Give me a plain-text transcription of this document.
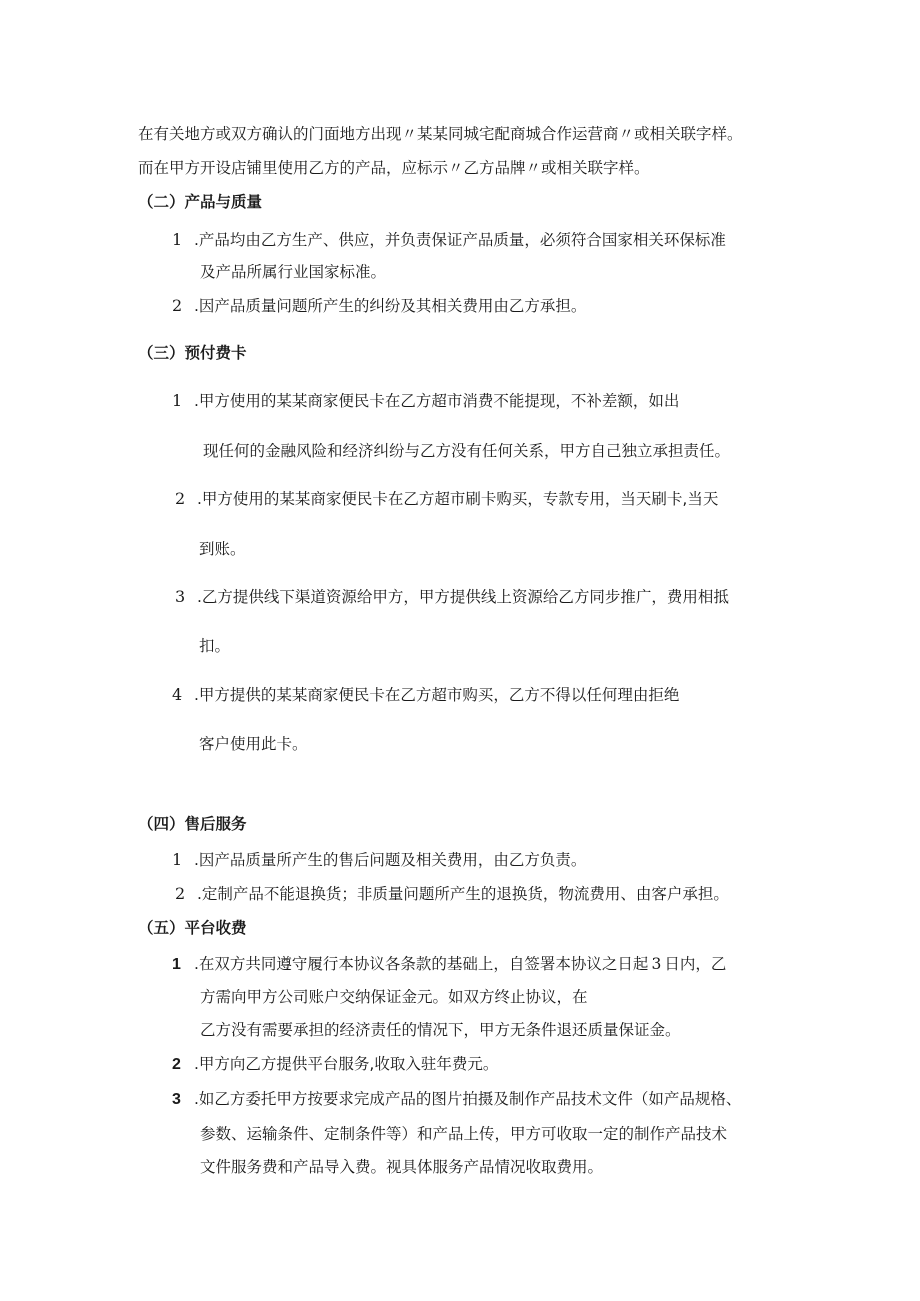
在有关地方或双方确认的门面地方出现〃某某同城宅配商城合作运营商〃或相关联字样。
而在甲方开设店铺里使用乙方的产品，应标示〃乙方品牌〃或相关联字样。
（二）产品与质量
1 .产品均由乙方生产、供应，并负责保证产品质量，必须符合国家相关环保标准
及产品所属行业国家标准。
2 .因产品质量问题所产生的纠纷及其相关费用由乙方承担。
（三）预付费卡
1 .甲方使用的某某商家便民卡在乙方超市消费不能提现，不补差额，如出
现任何的金融风险和经济纠纷与乙方没有任何关系，甲方自己独立承担责任。
2 .甲方使用的某某商家便民卡在乙方超市刷卡购买，专款专用，当天刷卡,当天
到账。
3 .乙方提供线下渠道资源给甲方，甲方提供线上资源给乙方同步推广，费用相抵
扣。
4 .甲方提供的某某商家便民卡在乙方超市购买，乙方不得以任何理由拒绝
客户使用此卡。
（四）售后服务
1 .因产品质量所产生的售后问题及相关费用，由乙方负责。
2 .定制产品不能退换货；非质量问题所产生的退换货，物流费用、由客户承担。
（五）平台收费
1 .在双方共同遵守履行本协议各条款的基础上，自签署本协议之日起 3 日内，乙
方需向甲方公司账户交纳保证金元。如双方终止协议，在
乙方没有需要承担的经济责任的情况下，甲方无条件退还质量保证金。
2 .甲方向乙方提供平台服务,收取入驻年费元。
3 .如乙方委托甲方按要求完成产品的图片拍摄及制作产品技术文件（如产品规格、
参数、运输条件、定制条件等）和产品上传，甲方可收取一定的制作产品技术
文件服务费和产品导入费。视具体服务产品情况收取费用。
